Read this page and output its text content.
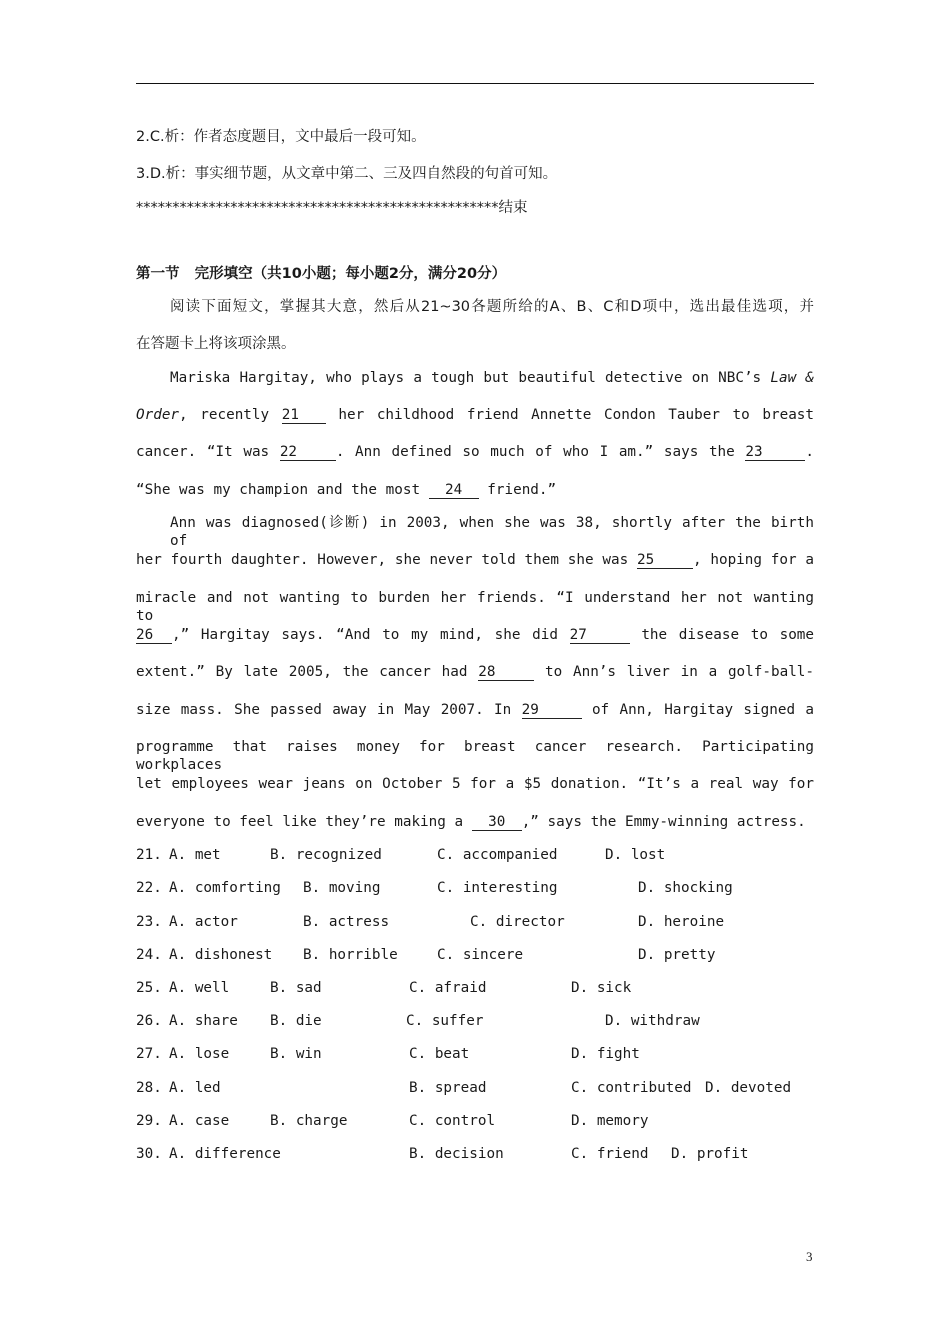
2.C.析：作者态度题目，文中最后一段可知。
3.D.析：事实细节题，从文章中第二、三及四自然段的句首可知。
**************************************************结束
第一节   完形填空（共10小题；每小题2分，满分20分）
阅读下面短文，掌握其大意，然后从21~30各题所给的A、B、C和D项中，选出最佳选项，并
在答题卡上将该项涂黑。
Mariska Hargitay, who plays a tough but beautiful detective on NBC’s Law &
Order, recently 21	her childhood friend Annette Condon Tauber to breast
cancer. “It was 22	. Ann defined so much of who I am.” says the 23	.
“She was my champion and the most 24 friend.”
Ann was diagnosed(诊断) in 2003, when she was 38, shortly after the birth of
her fourth daughter. However, she never told them she was 25	, hoping for a
miracle and not wanting to burden her friends. “I understand her not wanting to
26 ,” Hargitay says. “And to my mind, she did 27	the disease to some
extent.” By late 2005, the cancer had 28	to Ann’s liver in a golf-ball-
size mass. She passed away in May 2007. In 29	of Ann, Hargitay signed a
programme that raises money for breast cancer research. Participating workplaces
let employees wear jeans on October 5 for a $5 donation. “It’s a real way for
everyone to feel like they’re making a 30 ,” says the Emmy-winning actress.
21. A. met	B. recognized	C. accompanied	D. lost
22. A. comforting B. moving	C. interesting	D. shocking
23. A. actor	B. actress	C. director	D. heroine
24. A. dishonest B. horrible	C. sincere	D. pretty
25. A. well	B. sad	C. afraid	D. sick
26. A. share B. die	C. suffer	D. withdraw
27. A. lose	B. win	C. beat	D. fight
28. A. led	B. spread	C. contributed D. devoted
29. A. case	B. charge	C. control	D. memory
30. A. difference	B. decision	C. friend D. profit
3
